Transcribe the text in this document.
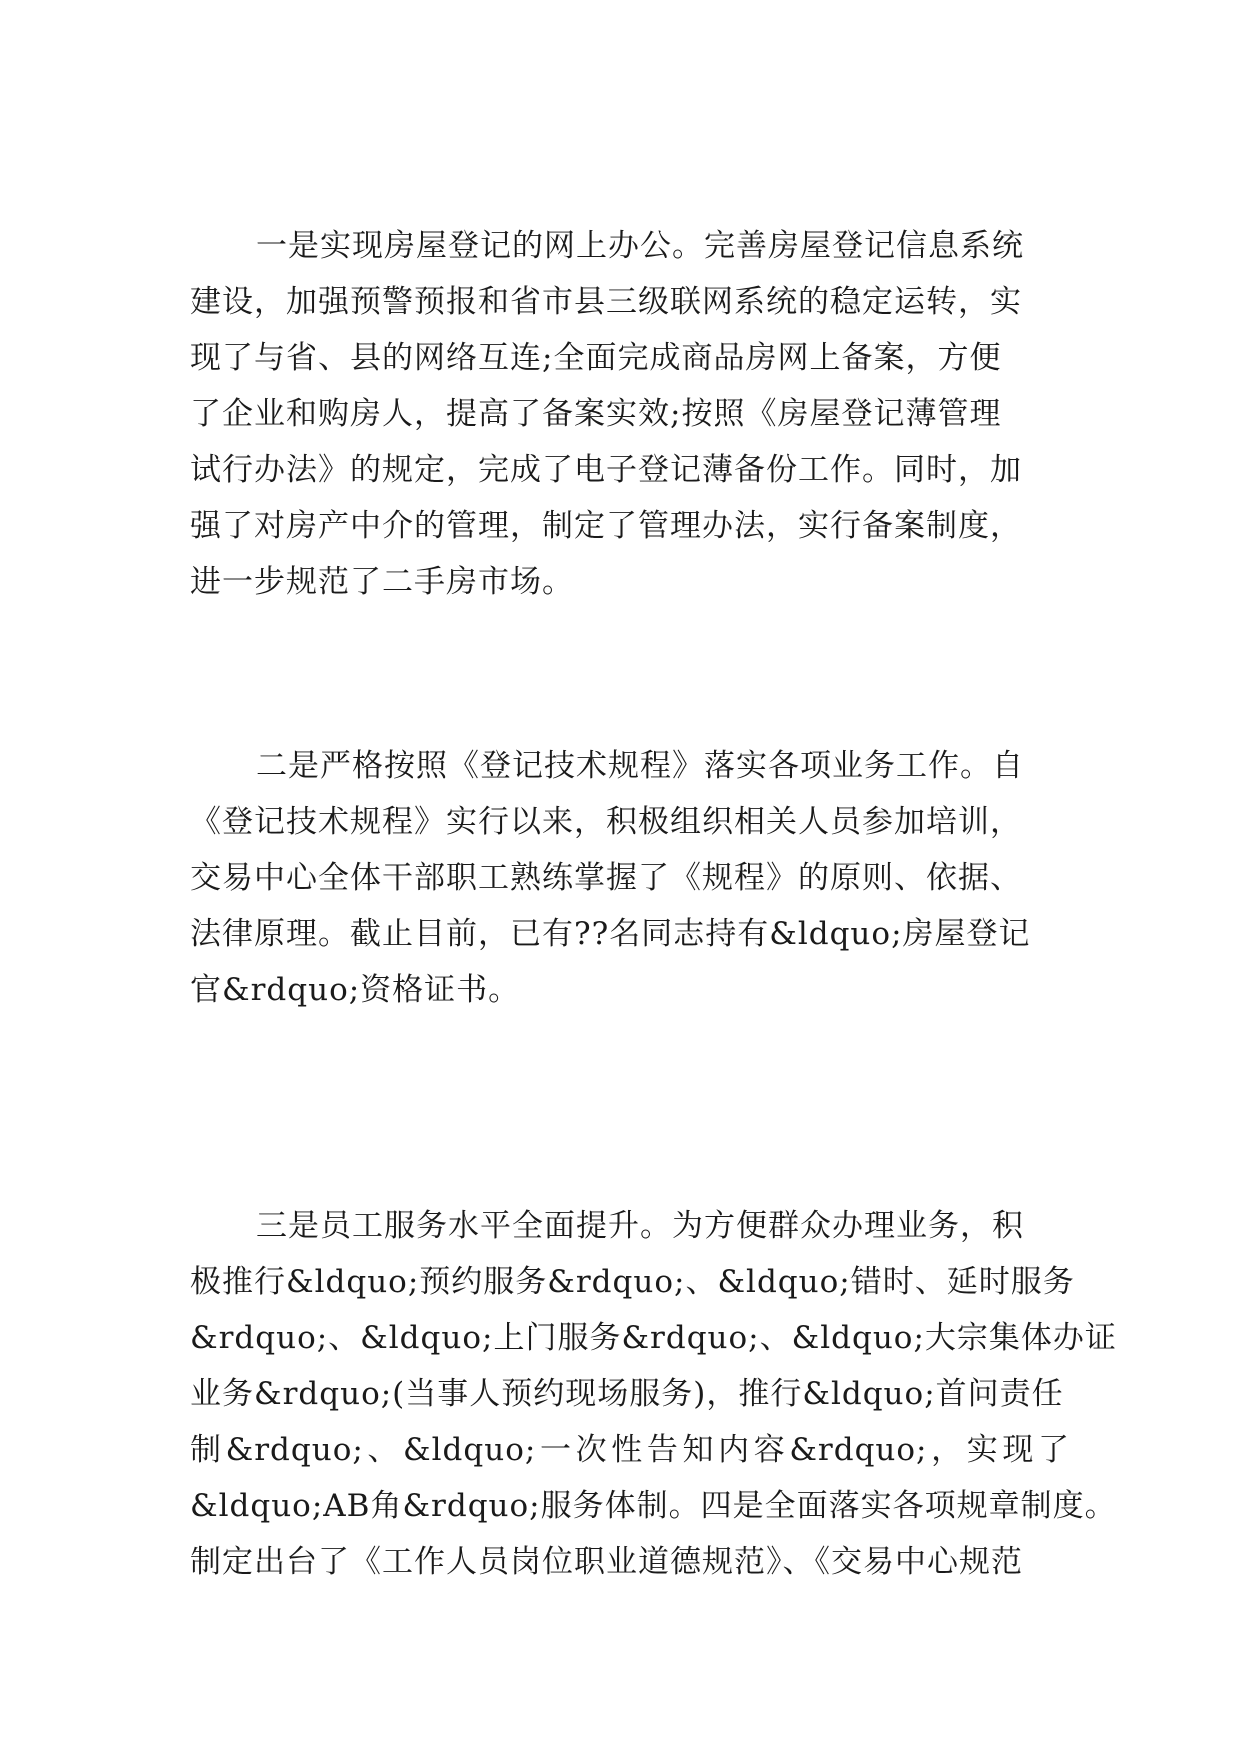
一是实现房屋登记的网上办公。完善房屋登记信息系统
建设，加强预警预报和省市县三级联网系统的稳定运转，实
现了与省、县的网络互连;全面完成商品房网上备案，方便
了企业和购房人，提高了备案实效;按照《房屋登记薄管理
试行办法》的规定，完成了电子登记薄备份工作。同时，加
强了对房产中介的管理，制定了管理办法，实行备案制度，
进一步规范了二手房市场。
二是严格按照《登记技术规程》落实各项业务工作。自
《登记技术规程》实行以来，积极组织相关人员参加培训，
交易中心全体干部职工熟练掌握了《规程》的原则、依据、
法律原理。截止目前，已有??名同志持有&ldquo;房屋登记
官&rdquo;资格证书。
三是员工服务水平全面提升。为方便群众办理业务，积
极推行&ldquo;预约服务&rdquo;、&ldquo;错时、延时服务
&rdquo;、&ldquo;上门服务&rdquo;、&ldquo;大宗集体办证
业务&rdquo;(当事人预约现场服务)，推行&ldquo;首问责任
制&rdquo;、&ldquo;一次性告知内容&rdquo;，实现了
&ldquo;AB角&rdquo;服务体制。四是全面落实各项规章制度。
制定出台了《工作人员岗位职业道德规范》、《交易中心规范
